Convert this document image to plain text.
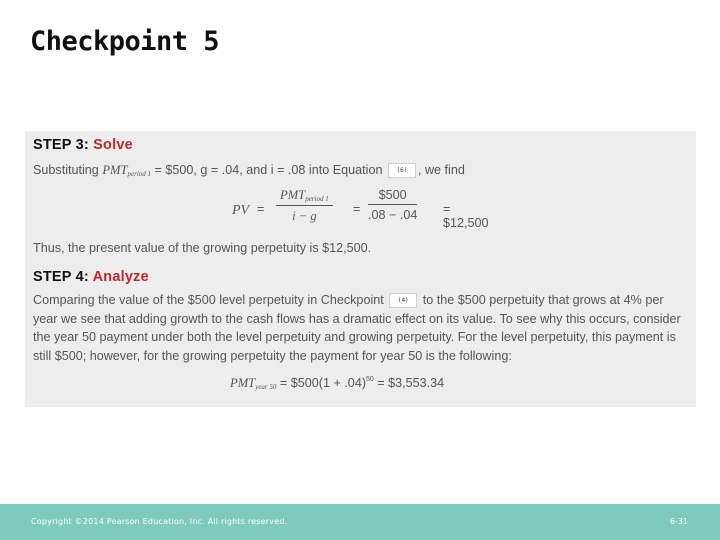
Checkpoint 5
STEP 3: Solve
Substituting $PMT_{period 1}$ = $500, g = .04, and i = .08 into Equation (6) , we find
PV =
$PMT_{period 1}$
i − g	= $\frac{\$500}{.08 - .04}$ = $12,500
Thus, the present value of the growing perpetuity is $12,500.
STEP 4: Analyze
Comparing the value of the $500 level perpetuity in Checkpoint (4) to the $500 perpetuity that grows at 4% per year we see that adding growth to the cash flows has a dramatic effect on its value. To see why this occurs, consider the year 50 payment under both the level perpetuity and growing perpetuity. For the level perpetuity, this payment is still $500; however, for the growing perpetuity the payment for year 50 is the following:
$PMT_{year 50}$ = $500(1 + .04)$^{50}$ = $3,553.34
Copyright ©2014 Pearson Education, Inc. All rights reserved.	6-31
